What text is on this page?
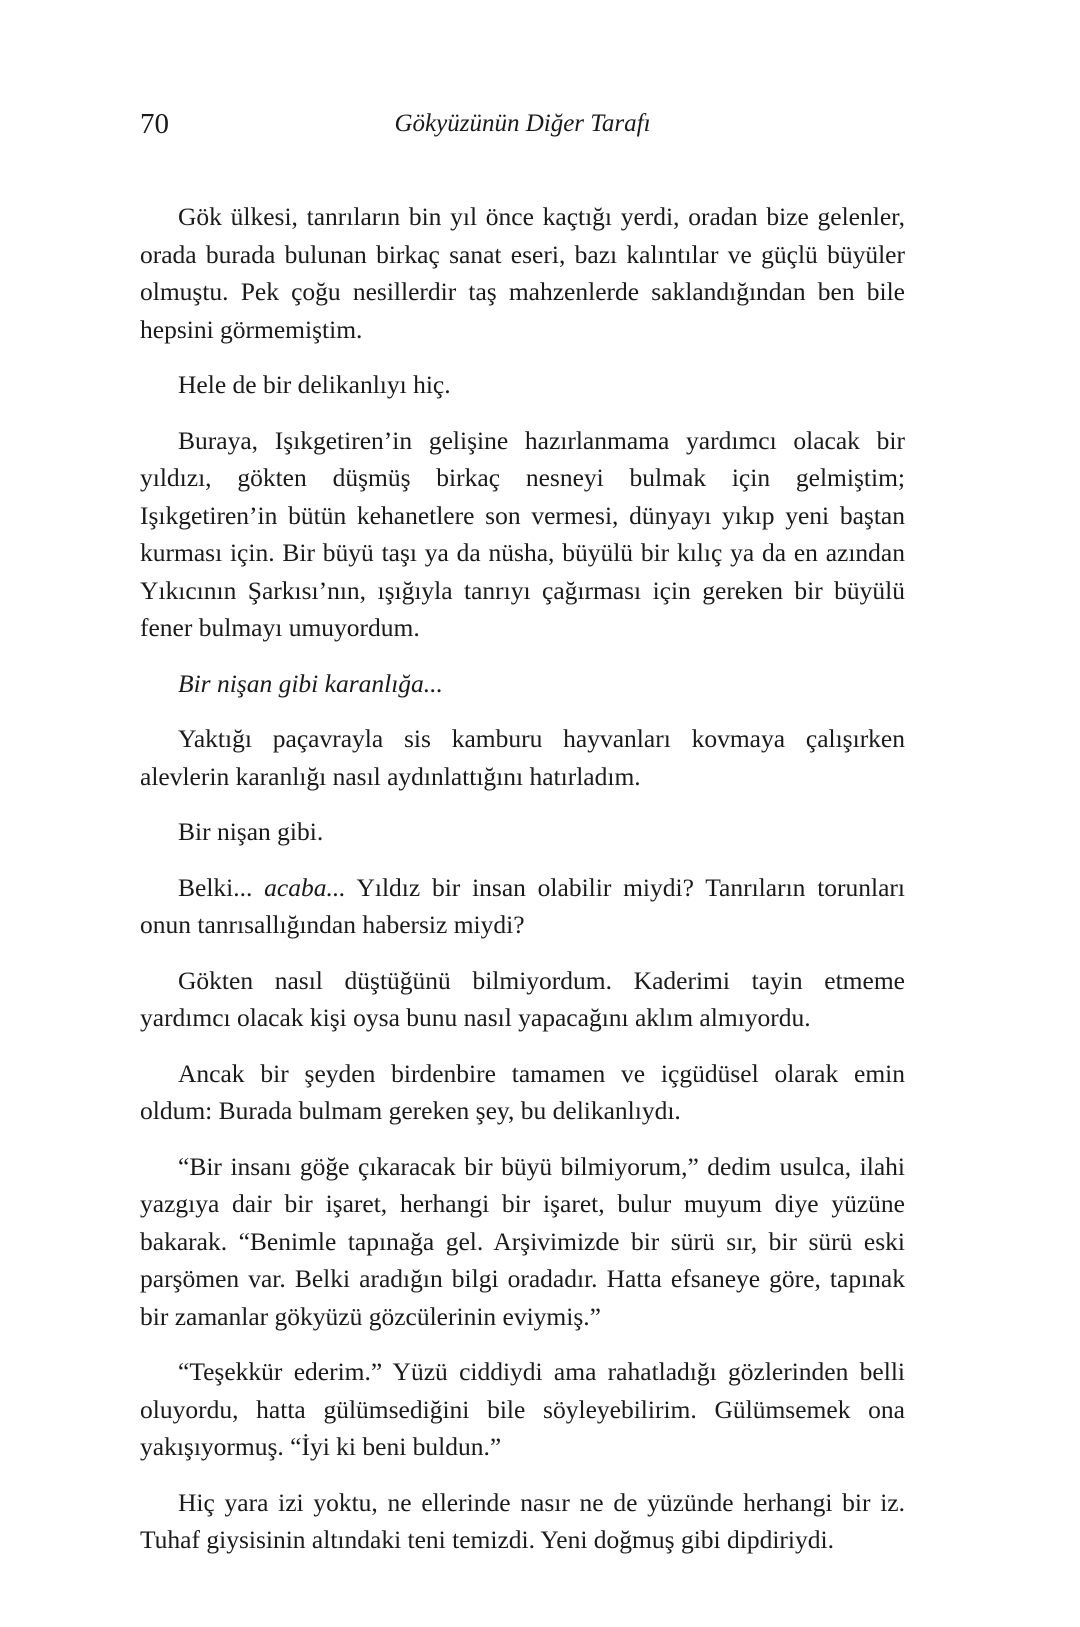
70	Gökyüzünün Diğer Tarafı

Gök ülkesi, tanrıların bin yıl önce kaçtığı yerdi, oradan bize gelenler, orada burada bulunan birkaç sanat eseri, bazı kalıntılar ve güçlü büyüler olmuştu. Pek çoğu nesillerdir taş mahzenlerde saklandığından ben bile hepsini görmemiştim.

Hele de bir delikanlıyı hiç.

Buraya, Işıkgetiren’in gelişine hazırlanmama yardımcı olacak bir yıldızı, gökten düşmüş birkaç nesneyi bulmak için gelmiştim; Işıkgetiren’in bütün kehanetlere son vermesi, dünyayı yıkıp yeni baştan kurması için. Bir büyü taşı ya da nüsha, büyülü bir kılıç ya da en azından Yıkıcının Şarkısı’nın, ışığıyla tanrıyı çağırması için gereken bir büyülü fener bulmayı umuyordum.

Bir nişan gibi karanlığa...

Yaktığı paçavrayla sis kamburu hayvanları kovmaya çalışırken alevlerin karanlığı nasıl aydınlattığını hatırladım.

Bir nişan gibi.

Belki... acaba... Yıldız bir insan olabilir miydi? Tanrıların torunları onun tanrısallığından habersiz miydi?

Gökten nasıl düştüğünü bilmiyordum. Kaderimi tayin etmeme yardımcı olacak kişi oysa bunu nasıl yapacağını aklım almıyordu.

Ancak bir şeyden birdenbire tamamen ve içgüdüsel olarak emin oldum: Burada bulmam gereken şey, bu delikanlıydı.

“Bir insanı göğe çıkaracak bir büyü bilmiyorum,” dedim usulca, ilahi yazgıya dair bir işaret, herhangi bir işaret, bulur muyum diye yüzüne bakarak. “Benimle tapınağa gel. Arşivimizde bir sürü sır, bir sürü eski parşömen var. Belki aradığın bilgi oradadır. Hatta efsaneye göre, tapınak bir zamanlar gökyüzü gözcülerinin eviymiş.”

“Teşekkür ederim.” Yüzü ciddiydi ama rahatladığı gözlerinden belli oluyordu, hatta gülümsediğini bile söyleyebilirim. Gülümsemek ona yakışıyormuş. “İyi ki beni buldun.”

Hiç yara izi yoktu, ne ellerinde nasır ne de yüzünde herhangi bir iz. Tuhaf giysisinin altındaki teni temizdi. Yeni doğmuş gibi dipdiriydi.
